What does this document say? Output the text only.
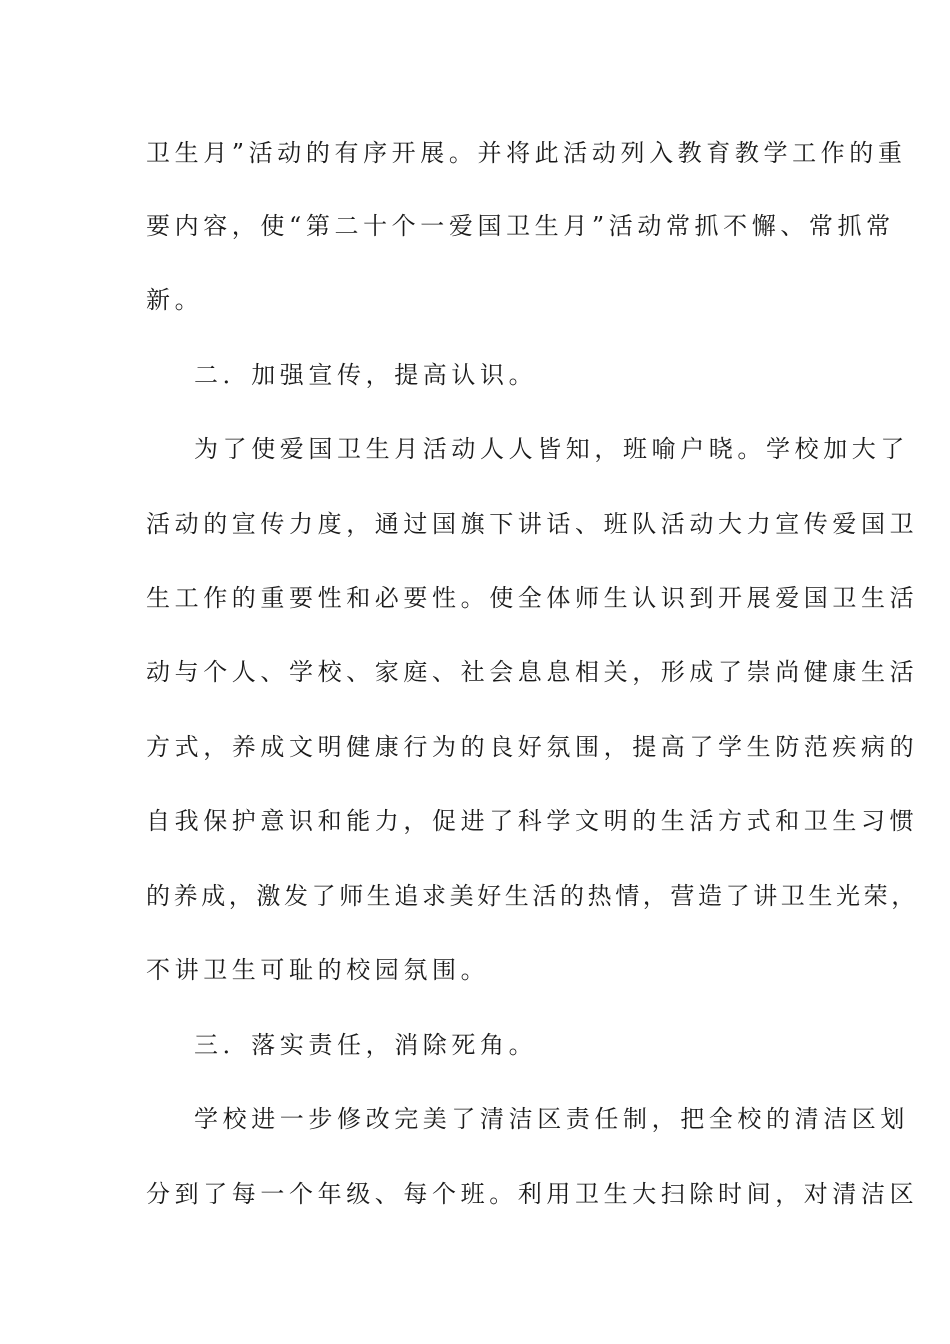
卫生月”活动的有序开展。并将此活动列入教育教学工作的重

要内容，使“第二十个一爱国卫生月”活动常抓不懈、常抓常

新。

二．加强宣传，提高认识。

为了使爱国卫生月活动人人皆知，班喻户晓。学校加大了

活动的宣传力度，通过国旗下讲话、班队活动大力宣传爱国卫

生工作的重要性和必要性。使全体师生认识到开展爱国卫生活

动与个人、学校、家庭、社会息息相关，形成了崇尚健康生活

方式，养成文明健康行为的良好氛围，提高了学生防范疾病的

自我保护意识和能力，促进了科学文明的生活方式和卫生习惯

的养成，激发了师生追求美好生活的热情，营造了讲卫生光荣，

不讲卫生可耻的校园氛围。

三．落实责任，消除死角。

学校进一步修改完美了清洁区责任制，把全校的清洁区划

分到了每一个年级、每个班。利用卫生大扫除时间，对清洁区
